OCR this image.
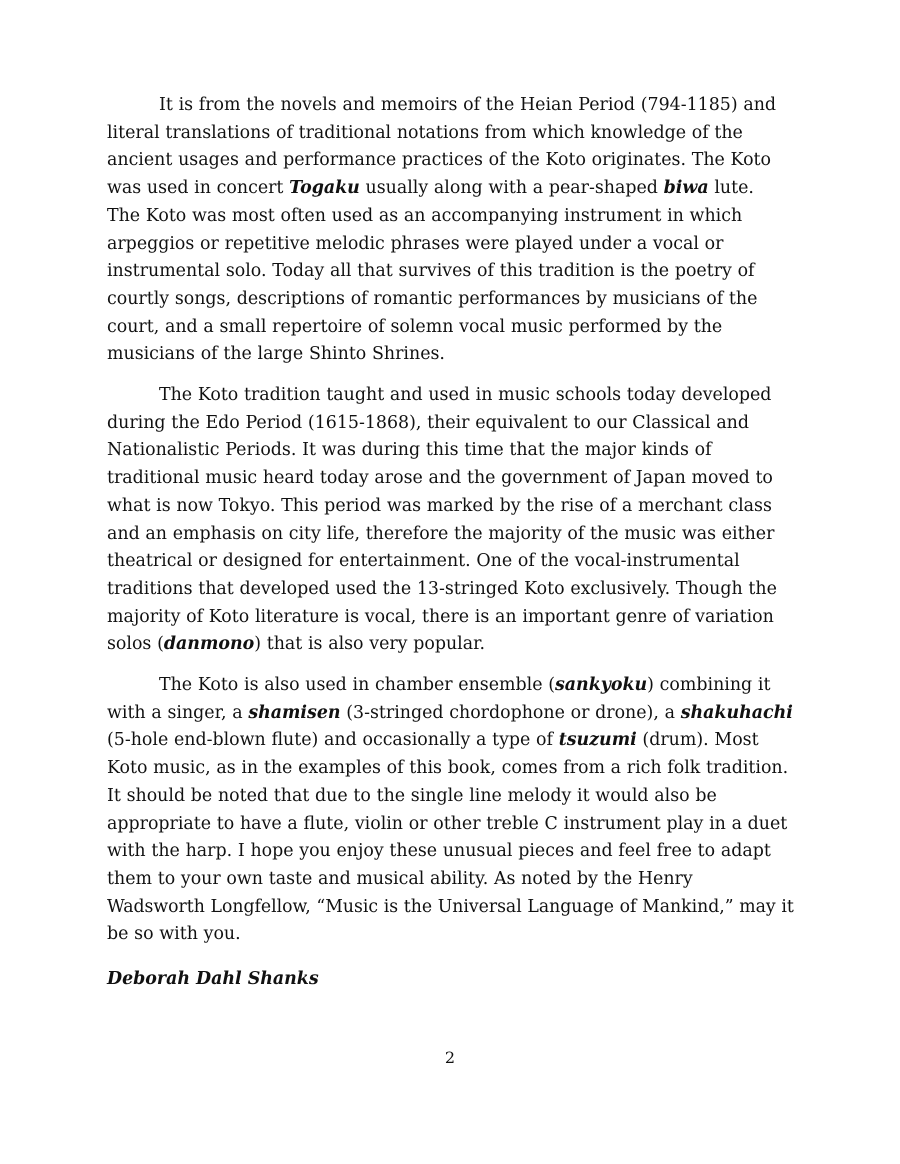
It is from the novels and memoirs of the Heian Period (794-1185) and
literal translations of traditional notations from which knowledge of the
ancient usages and performance practices of the Koto originates. The Koto
was used in concert Togaku usually along with a pear-shaped biwa lute.
The Koto was most often used as an accompanying instrument in which
arpeggios or repetitive melodic phrases were played under a vocal or
instrumental solo. Today all that survives of this tradition is the poetry of
courtly songs, descriptions of romantic performances by musicians of the
court, and a small repertoire of solemn vocal music performed by the
musicians of the large Shinto Shrines.

The Koto tradition taught and used in music schools today developed
during the Edo Period (1615-1868), their equivalent to our Classical and
Nationalistic Periods. It was during this time that the major kinds of
traditional music heard today arose and the government of Japan moved to
what is now Tokyo. This period was marked by the rise of a merchant class
and an emphasis on city life, therefore the majority of the music was either
theatrical or designed for entertainment. One of the vocal-instrumental
traditions that developed used the 13-stringed Koto exclusively. Though the
majority of Koto literature is vocal, there is an important genre of variation
solos (danmono) that is also very popular.

The Koto is also used in chamber ensemble (sankyoku) combining it
with a singer, a shamisen (3-stringed chordophone or drone), a shakuhachi
(5-hole end-blown flute) and occasionally a type of tsuzumi (drum). Most
Koto music, as in the examples of this book, comes from a rich folk tradition.
It should be noted that due to the single line melody it would also be
appropriate to have a flute, violin or other treble C instrument play in a duet
with the harp. I hope you enjoy these unusual pieces and feel free to adapt
them to your own taste and musical ability. As noted by the Henry
Wadsworth Longfellow, “Music is the Universal Language of Mankind,” may it
be so with you.

Deborah Dahl Shanks

2
